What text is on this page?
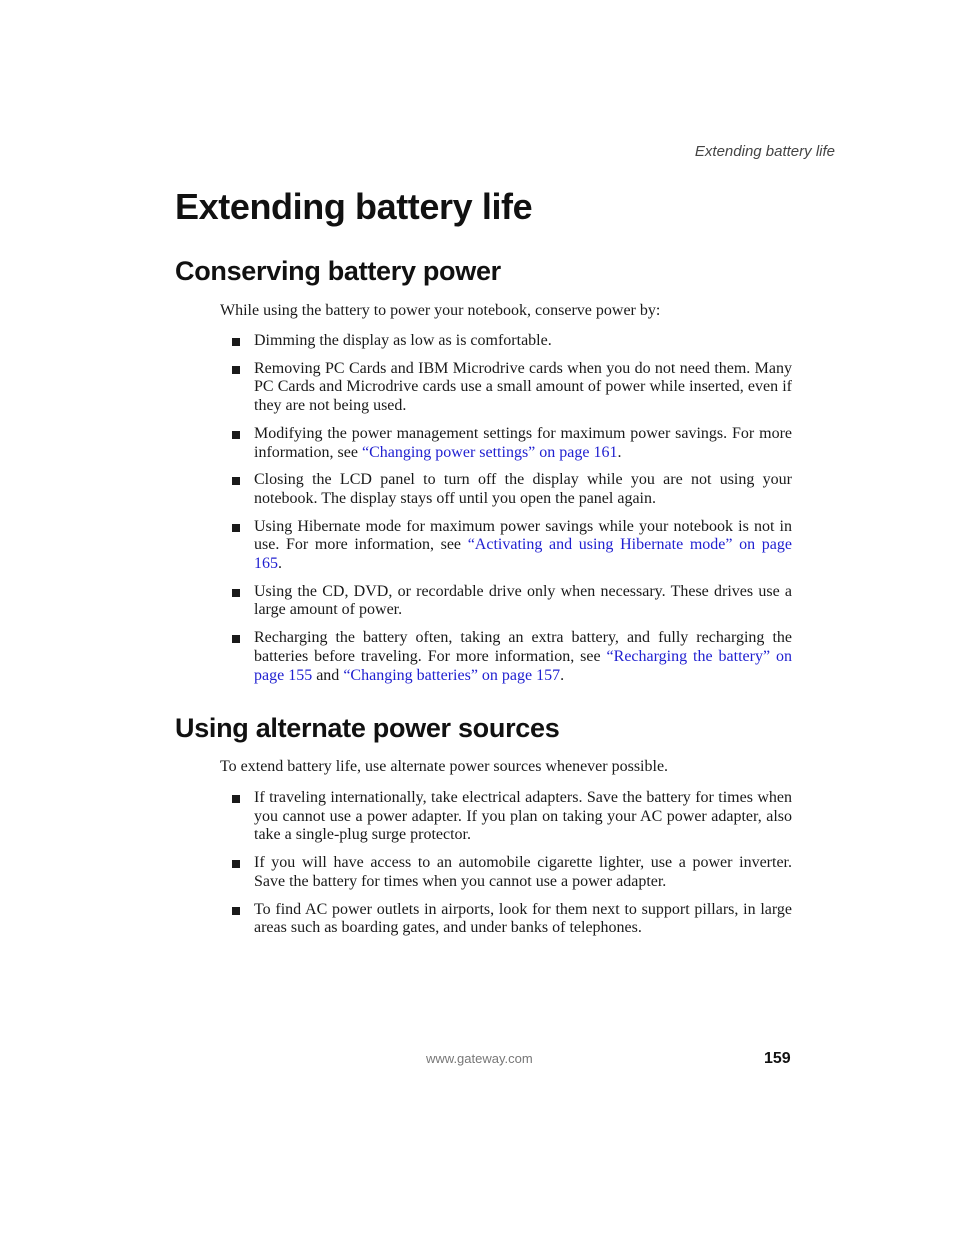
Extending battery life
Extending battery life
Conserving battery power

While using the battery to power your notebook, conserve power by:

Dimming the display as low as is comfortable.
Removing PC Cards and IBM Microdrive cards when you do not need them. Many PC Cards and Microdrive cards use a small amount of power while inserted, even if they are not being used.
Modifying the power management settings for maximum power savings. For more information, see “Changing power settings” on page 161.
Closing the LCD panel to turn off the display while you are not using your notebook. The display stays off until you open the panel again.
Using Hibernate mode for maximum power savings while your notebook is not in use. For more information, see “Activating and using Hibernate mode” on page 165.
Using the CD, DVD, or recordable drive only when necessary. These drives use a large amount of power.
Recharging the battery often, taking an extra battery, and fully recharging the batteries before traveling. For more information, see “Recharging the battery” on page 155 and “Changing batteries” on page 157.
Using alternate power sources

To extend battery life, use alternate power sources whenever possible.

If traveling internationally, take electrical adapters. Save the battery for times when you cannot use a power adapter. If you plan on taking your AC power adapter, also take a single-plug surge protector.
If you will have access to an automobile cigarette lighter, use a power inverter. Save the battery for times when you cannot use a power adapter.
To find AC power outlets in airports, look for them next to support pillars, in large areas such as boarding gates, and under banks of telephones.
www.gateway.com	159
